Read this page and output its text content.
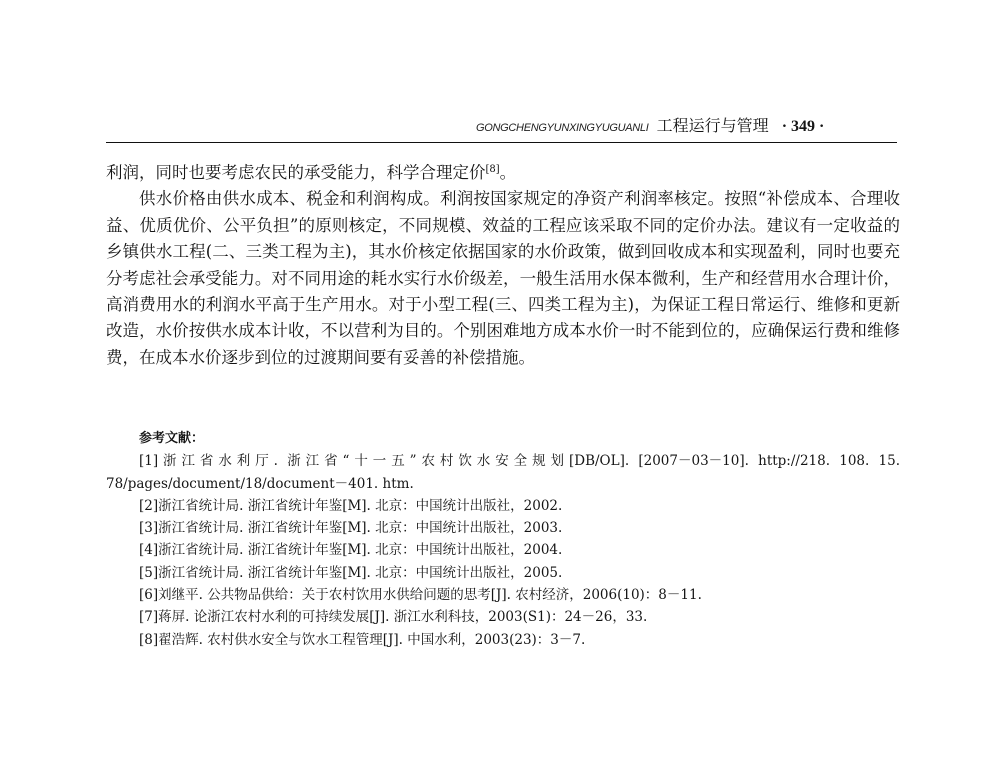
GONGCHENGYUNXINGYUGUANLI 工程运行与管理 · 349 ·

利润，同时也要考虑农民的承受能力，科学合理定价[8]。

供水价格由供水成本、税金和利润构成。利润按国家规定的净资产利润率核定。按照“补偿成本、合理收益、优质优价、公平负担”的原则核定，不同规模、效益的工程应该采取不同的定价办法。建议有一定收益的乡镇供水工程(二、三类工程为主)，其水价核定依据国家的水价政策，做到回收成本和实现盈利，同时也要充分考虑社会承受能力。对不同用途的耗水实行水价级差，一般生活用水保本微利，生产和经营用水合理计价，高消费用水的利润水平高于生产用水。对于小型工程(三、四类工程为主)，为保证工程日常运行、维修和更新改造，水价按供水成本计收，不以营利为目的。个别困难地方成本水价一时不能到位的，应确保运行费和维修费，在成本水价逐步到位的过渡期间要有妥善的补偿措施。

参考文献：

[1]浙江省水利厅. 浙江省“十一五”农村饮水安全规划[DB/OL]. [2007－03－10]. http://218. 108. 15. 78/pages/document/18/document－401. htm.

[2]浙江省统计局. 浙江省统计年鉴[M]. 北京：中国统计出版社，2002.

[3]浙江省统计局. 浙江省统计年鉴[M]. 北京：中国统计出版社，2003.

[4]浙江省统计局. 浙江省统计年鉴[M]. 北京：中国统计出版社，2004.

[5]浙江省统计局. 浙江省统计年鉴[M]. 北京：中国统计出版社，2005.

[6]刘继平. 公共物品供给：关于农村饮用水供给问题的思考[J]. 农村经济，2006(10)：8－11.

[7]蒋屏. 论浙江农村水利的可持续发展[J]. 浙江水利科技，2003(S1)：24－26，33.

[8]翟浩辉. 农村供水安全与饮水工程管理[J]. 中国水利，2003(23)：3－7.
